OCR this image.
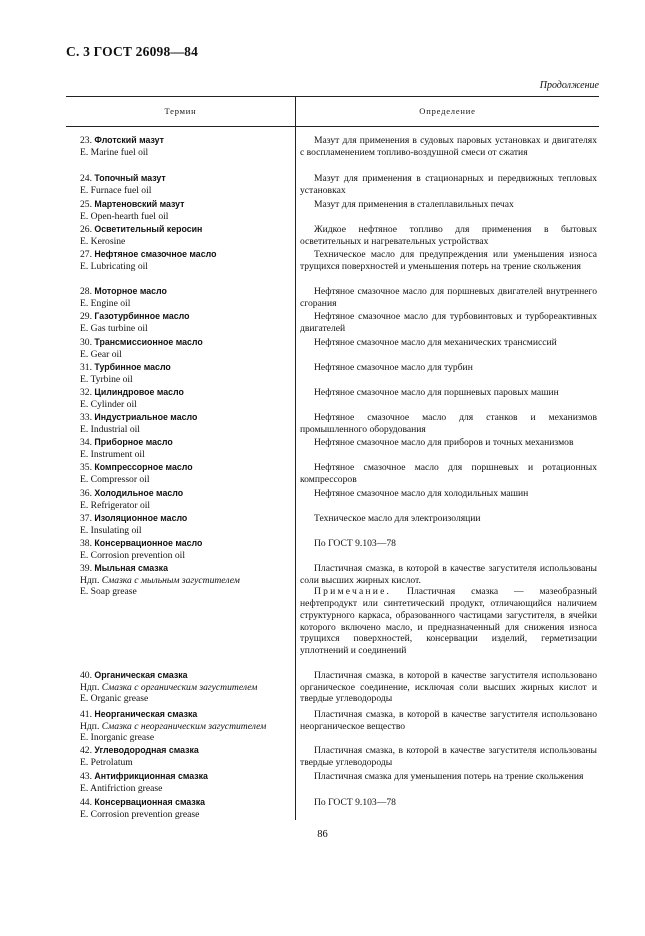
С. 3 ГОСТ 26098—84
Продолжение
Термин	Определение
23. Флотский мазут
E. Marine fuel oil

Мазут для применения в судовых паровых установках и двигателях с воспламенением топливо-воздушной смеси от сжатия

24. Топочный мазут
E. Furnace fuel oil

Мазут для применения в стационарных и передвижных тепловых установках

25. Мартеновский мазут
E. Open-hearth fuel oil

Мазут для применения в сталеплавильных печах

26. Осветительный керосин
E. Kerosine

Жидкое нефтяное топливо для применения в бытовых осветительных и нагревательных устройствах

27. Нефтяное смазочное масло
E. Lubricating oil

Техническое масло для предупреждения или уменьшения износа трущихся поверхностей и уменьшения потерь на трение скольжения

28. Моторное масло
E. Engine oil

Нефтяное смазочное масло для поршневых двигателей внутреннего сгорания

29. Газотурбинное масло
E. Gas turbine oil

Нефтяное смазочное масло для турбовинтовых и турбореактивных двигателей

30. Трансмиссионное масло
E. Gear oil

Нефтяное смазочное масло для механических трансмиссий

31. Турбинное масло
E. Tyrbine oil

Нефтяное смазочное масло для турбин

32. Цилиндровое масло
E. Cylinder oil

Нефтяное смазочное масло для поршневых паровых машин

33. Индустриальное масло
E. Industrial oil

Нефтяное смазочное масло для станков и механизмов промышленного оборудования

34. Приборное масло
E. Instrument oil

Нефтяное смазочное масло для приборов и точных механизмов

35. Компрессорное масло
E. Compressor oil

Нефтяное смазочное масло для поршневых и ротационных компрессоров

36. Холодильное масло
E. Refrigerator oil

Нефтяное смазочное масло для холодильных машин

37. Изоляционное масло
E. Insulating oil

Техническое масло для электроизоляции

38. Консервационное масло
E. Corrosion prevention oil

По ГОСТ 9.103—78

39. Мыльная смазка
Ндп. Смазка с мыльным загустителем
E. Soap grease

Пластичная смазка, в которой в качестве загустителя использованы соли высших жирных кислот.

Примечание. Пластичная смазка — мазеобразный нефтепродукт или синтетический продукт, отличающийся наличием структурного каркаса, образованного частицами загустителя, в ячейки которого включено масло, и предназначенный для снижения износа трущихся поверхностей, консервации изделий, герметизации уплотнений и соединений

40. Органическая смазка
Ндп. Смазка с органическим загустителем
E. Organic grease

Пластичная смазка, в которой в качестве загустителя использовано органическое соединение, исключая соли высших жирных кислот и твердые углеводороды

41. Неорганическая смазка
Ндп. Смазка с неорганическим загустителем
E. Inorganic grease

Пластичная смазка, в которой в качестве загустителя использовано неорганическое вещество

42. Углеводородная смазка
E. Petrolatum

Пластичная смазка, в которой в качестве загустителя использованы твердые углеводороды

43. Антифрикционная смазка
E. Antifriction grease

Пластичная смазка для уменьшения потерь на трение скольжения

44. Консервационная смазка
E. Corrosion prevention grease

По ГОСТ 9.103—78

86
